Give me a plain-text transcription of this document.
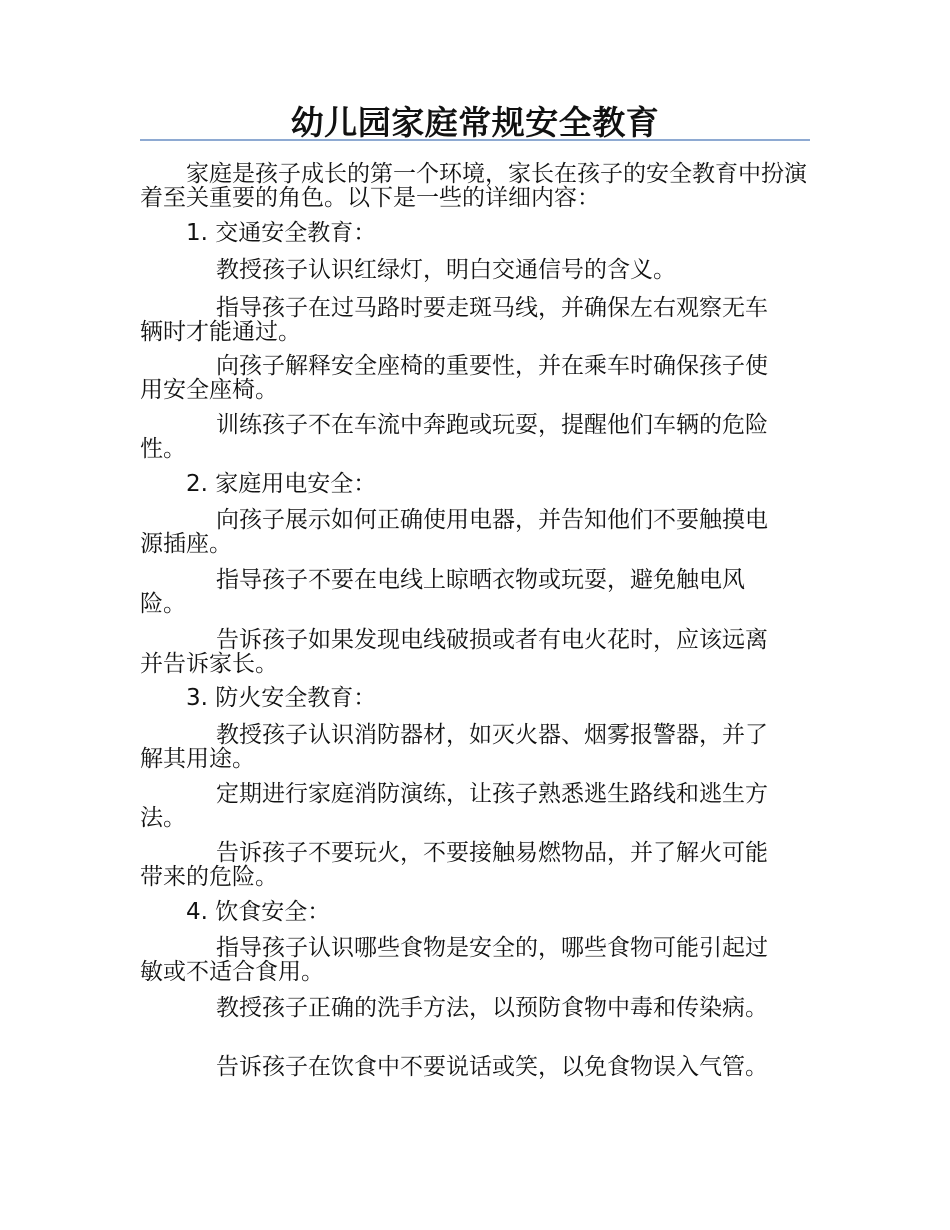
幼儿园家庭常规安全教育

家庭是孩子成长的第一个环境，家长在孩子的安全教育中扮演着至关重要的角色。以下是一些的详细内容：

1. 交通安全教育：

教授孩子认识红绿灯，明白交通信号的含义。

指导孩子在过马路时要走斑马线，并确保左右观察无车辆时才能通过。

向孩子解释安全座椅的重要性，并在乘车时确保孩子使用安全座椅。

训练孩子不在车流中奔跑或玩耍，提醒他们车辆的危险性。

2. 家庭用电安全：

向孩子展示如何正确使用电器，并告知他们不要触摸电源插座。

指导孩子不要在电线上晾晒衣物或玩耍，避免触电风险。

告诉孩子如果发现电线破损或者有电火花时，应该远离并告诉家长。

3. 防火安全教育：

教授孩子认识消防器材，如灭火器、烟雾报警器，并了解其用途。

定期进行家庭消防演练，让孩子熟悉逃生路线和逃生方法。

告诉孩子不要玩火，不要接触易燃物品，并了解火可能带来的危险。

4. 饮食安全：

指导孩子认识哪些食物是安全的，哪些食物可能引起过敏或不适合食用。

教授孩子正确的洗手方法，以预防食物中毒和传染病。

告诉孩子在饮食中不要说话或笑，以免食物误入气管。
